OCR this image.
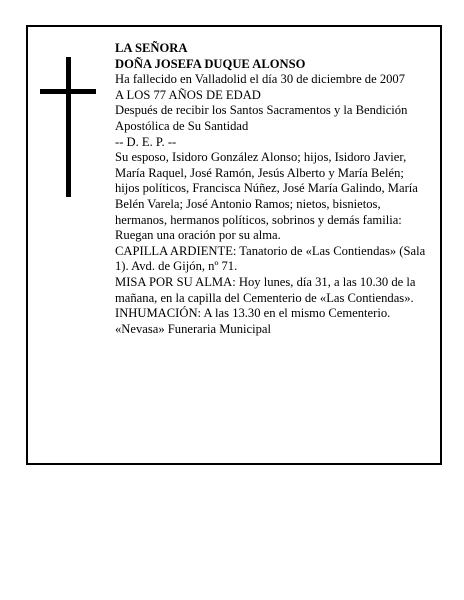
LA SEÑORA

DOÑA JOSEFA DUQUE ALONSO

Ha fallecido en Valladolid el día 30 de diciembre de 2007

A LOS 77 AÑOS DE EDAD

Después de recibir los Santos Sacramentos y la Bendición Apostólica de Su Santidad

-- D. E. P. --

Su esposo, Isidoro González Alonso; hijos, Isidoro Javier, María Raquel, José Ramón, Jesús Alberto y María Belén; hijos políticos, Francisca Núñez, José María Galindo, María Belén Varela; José Antonio Ramos; nietos, bisnietos, hermanos, hermanos políticos, sobrinos y demás familia:

Ruegan una oración por su alma.

CAPILLA ARDIENTE: Tanatorio de «Las Contiendas» (Sala 1). Avd. de Gijón, nº 71.

MISA POR SU ALMA: Hoy lunes, día 31, a las 10.30 de la mañana, en la capilla del Cementerio de «Las Contiendas».

INHUMACIÓN: A las 13.30 en el mismo Cementerio.

«Nevasa» Funeraria Municipal
